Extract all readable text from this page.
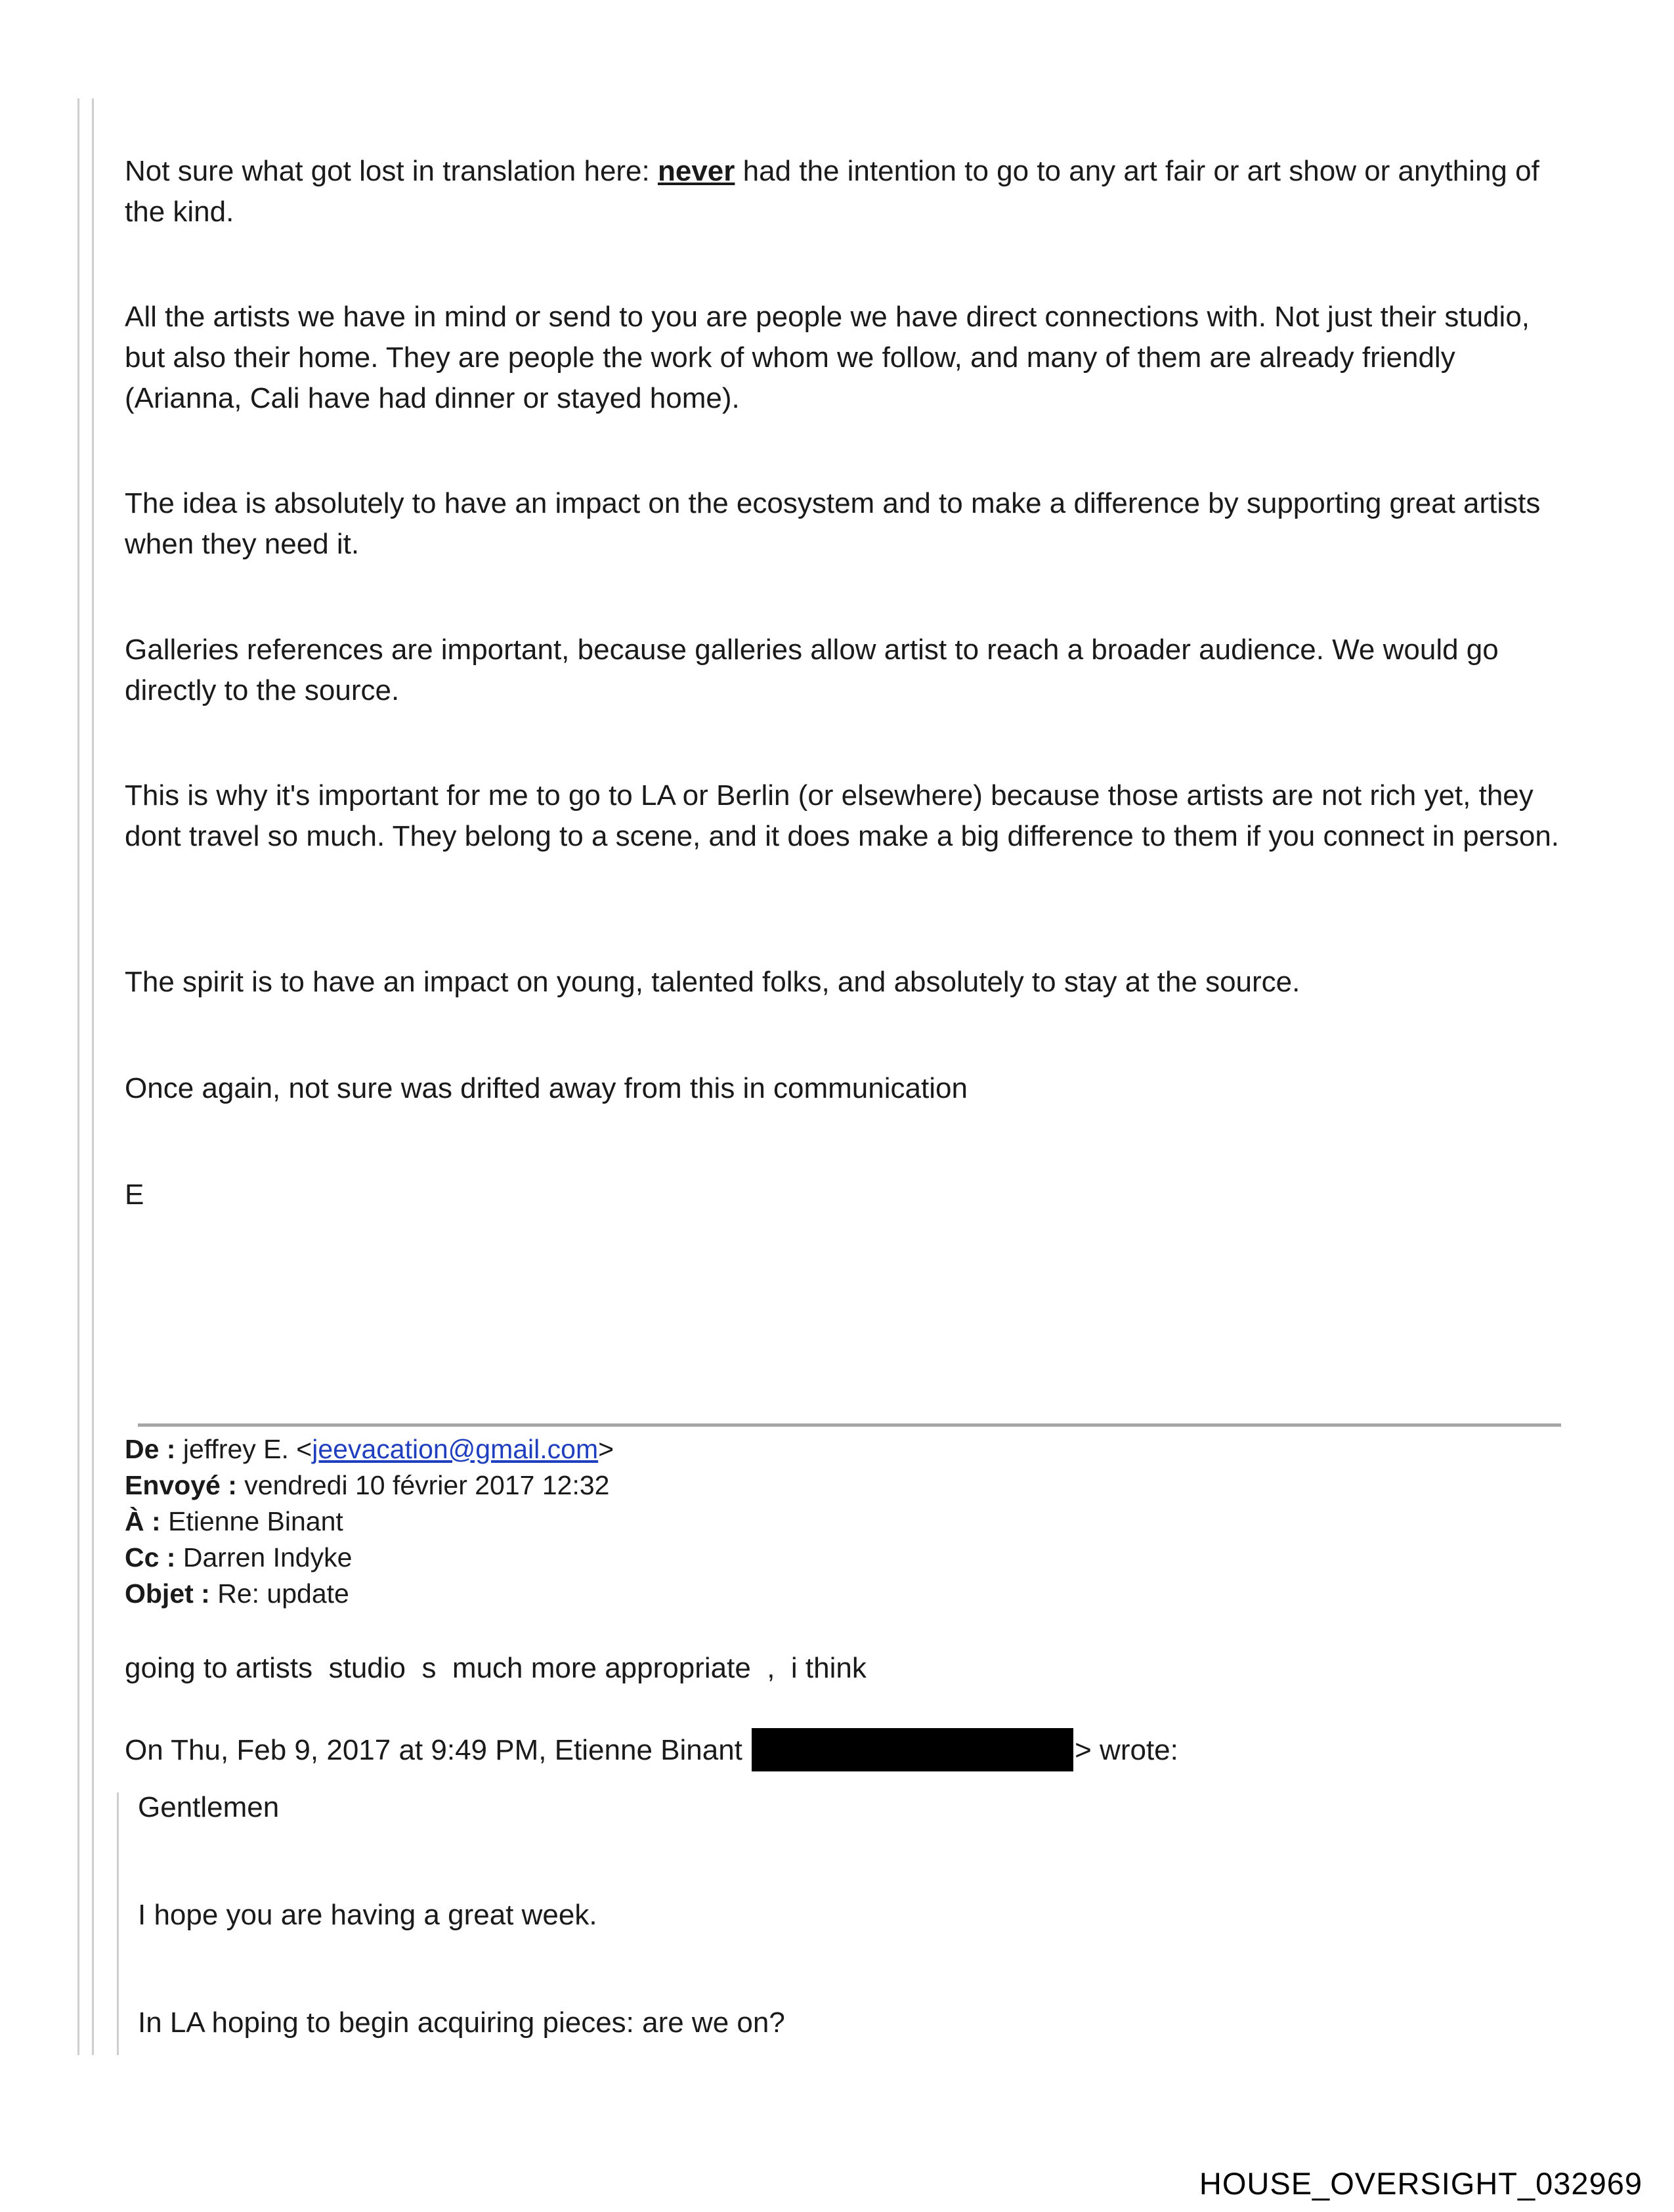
Not sure what got lost in translation here: never had the intention to go to any art fair or art show or anything of the kind.

All the artists we have in mind or send to you are people we have direct connections with. Not just their studio, but also their home. They are people the work of whom we follow, and many of them are already friendly (Arianna, Cali have had dinner or stayed home).

The idea is absolutely to have an impact on the ecosystem and to make a difference by supporting great artists when they need it.

Galleries references are important, because galleries allow artist to reach a broader audience. We would go directly to the source.

This is why it's important for me to go to LA or Berlin (or elsewhere) because those artists are not rich yet, they dont travel so much. They belong to a scene, and it does make a big difference to them if you connect in person.

The spirit is to have an impact on young, talented folks, and absolutely to stay at the source.

Once again, not sure was drifted away from this in communication

E

De : jeffrey E. <jeevacation@gmail.com>
Envoyé : vendredi 10 février 2017 12:32
À : Etienne Binant
Cc : Darren Indyke
Objet : Re: update

going to artists  studio  s  much more appropriate  ,  i think

On Thu, Feb 9, 2017 at 9:49 PM, Etienne Binant	> wrote:

Gentlemen
I hope you are having a great week.
In LA hoping to begin acquiring pieces: are we on?
HOUSE_OVERSIGHT_032969
